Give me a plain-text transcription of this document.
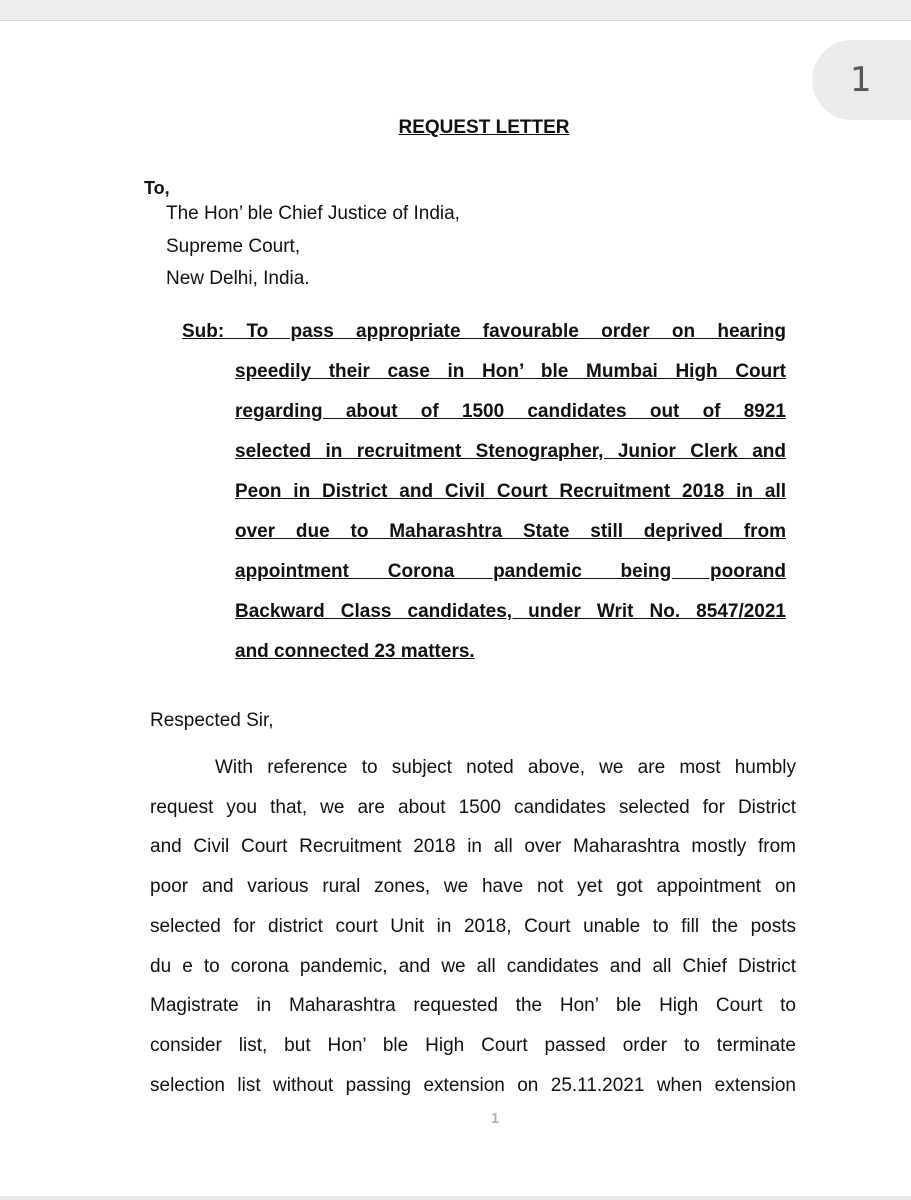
1
REQUEST LETTER
To,
The Hon’ ble Chief Justice of India,
Supreme Court,
New Delhi, India.
Sub: To pass appropriate favourable order on hearing
speedily their case in Hon’ ble Mumbai High Court
regarding about of 1500 candidates out of 8921
selected in recruitment Stenographer, Junior Clerk and
Peon in District and Civil Court Recruitment 2018 in all
over due to Maharashtra State still deprived from
appointment Corona pandemic being poorand
Backward Class candidates, under Writ No. 8547/2021
and connected 23 matters.
Respected Sir,
With reference to subject noted above, we are most humbly
request you that, we are about 1500 candidates selected for District
and Civil Court Recruitment 2018 in all over Maharashtra mostly from
poor and various rural zones, we have not yet got appointment on
selected for district court Unit in 2018, Court unable to fill the posts
du e to corona pandemic, and we all candidates and all Chief District
Magistrate in Maharashtra requested the Hon’ ble High Court to
consider list, but Hon’ ble High Court passed order to terminate
selection list without passing extension on 25.11.2021 when extension
1
